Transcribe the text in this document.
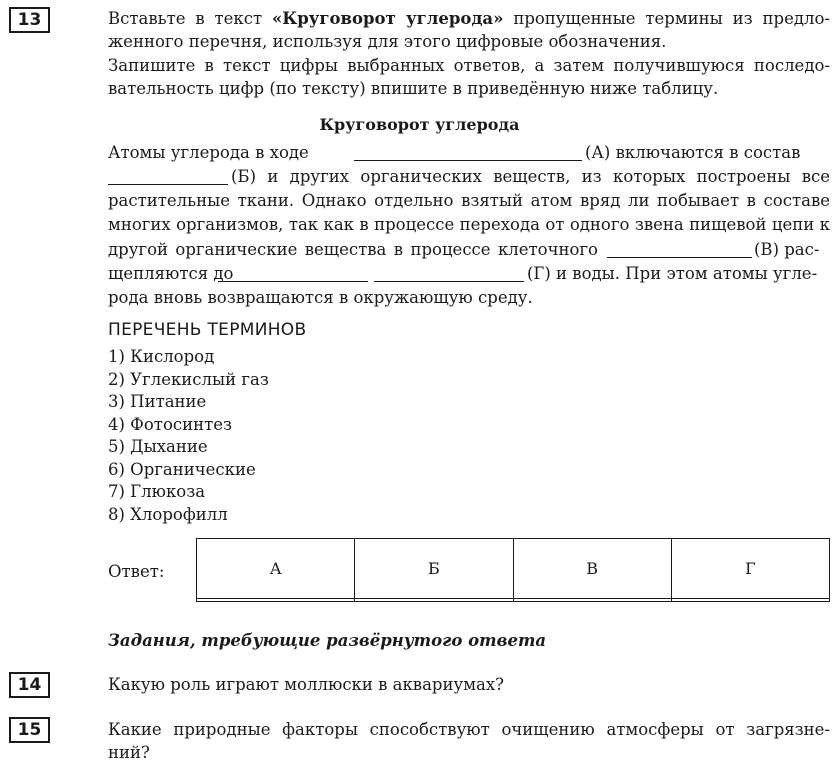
13	Вставьте в текст «Круговорот углерода» пропущенные термины из предло-
женного перечня, используя для этого цифровые обозначения.
Запишите в текст цифры выбранных ответов, а затем получившуюся последо-
вательность цифр (по тексту) впишите в приведённую ниже таблицу.
Круговорот углерода
Атомы углерода в ходе	(А) включаются в состав
(Б) и других органических веществ, из которых построены все
растительные ткани. Однако отдельно взятый атом вряд ли побывает в составе
многих организмов, так как в процессе перехода от одного звена пищевой цепи к
другой органические вещества в процессе клеточного	(В) рас-
щепляются до	(Г) и воды. При этом атомы угле-
рода вновь возвращаются в окружающую среду.
ПЕРЕЧЕНЬ ТЕРМИНОВ
1) Кислород
2) Углекислый газ
3) Питание
4) Фотосинтез
5) Дыхание
6) Органические
7) Глюкоза
8) Хлорофилл
Ответ:	А	Б	В	Г

Задания, требующие развёрнутого ответа
14	Какую роль играют моллюски в аквариумах?
15	Какие природные факторы способствуют очищению атмосферы от загрязне-
ний?
